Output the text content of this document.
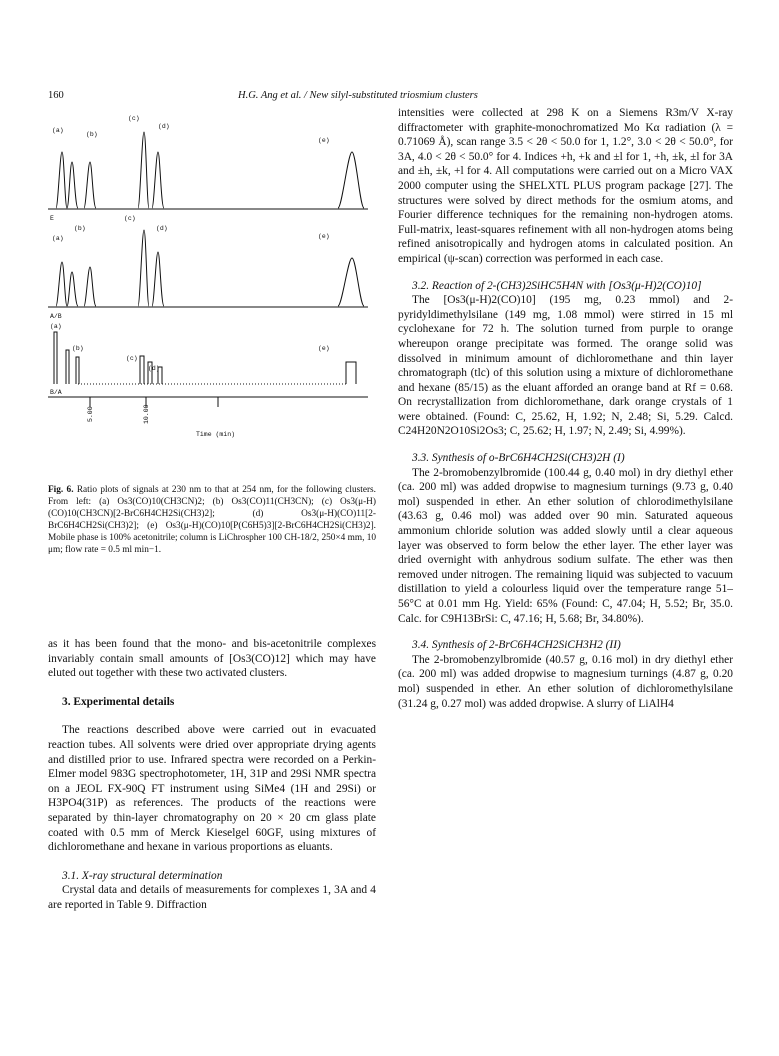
160	H.G. Ang et al. / New silyl-substituted triosmium clusters
(a)
(b)
(c)
(d)
(e)
E
(a)
(b)
(c)
(d)
(e)
A/B
(a)
(b)
(c)
(d)
(e)
B/A
5.00	10.00
Time (min)
Fig. 6. Ratio plots of signals at 230 nm to that at 254 nm, for the following clusters. From left: (a) Os3(CO)10(CH3CN)2; (b) Os3(CO)11(CH3CN); (c) Os3(μ-H)(CO)10(CH3CN)[2-BrC6H4CH2Si(CH3)2]; (d) Os3(μ-H)(CO)11[2-BrC6H4CH2Si(CH3)2]; (e) Os3(μ-H)(CO)10[P(C6H5)3][2-BrC6H4CH2Si(CH3)2]. Mobile phase is 100% acetonitrile; column is LiChrospher 100 CH-18/2, 250×4 mm, 10 μm; flow rate = 0.5 ml min−1.

as it has been found that the mono- and bis-acetonitrile complexes invariably contain small amounts of [Os3(CO)12] which may have eluted out together with these two activated clusters.

3. Experimental details

The reactions described above were carried out in evacuated reaction tubes. All solvents were dried over appropriate drying agents and distilled prior to use. Infrared spectra were recorded on a Perkin-Elmer model 983G spectrophotometer, 1H, 31P and 29Si NMR spectra on a JEOL FX-90Q FT instrument using SiMe4 (1H and 29Si) or H3PO4(31P) as references. The products of the reactions were separated by thin-layer chromatography on 20 × 20 cm glass plate coated with 0.5 mm of Merck Kieselgel 60GF, using mixtures of dichloromethane and hexane in various proportions as eluants.

3.1. X-ray structural determination

Crystal data and details of measurements for complexes 1, 3A and 4 are reported in Table 9. Diffraction

intensities were collected at 298 K on a Siemens R3m/V X-ray diffractometer with graphite-monochromatized Mo Kα radiation (λ = 0.71069 Å), scan range 3.5 < 2θ < 50.0 for 1, 1.2°, 3.0 < 2θ < 50.0°, for 3A, 4.0 < 2θ < 50.0° for 4. Indices +h, +k and ±l for 1, +h, ±k, ±l for 3A and ±h, ±k, +l for 4. All computations were carried out on a Micro VAX 2000 computer using the SHELXTL PLUS program package [27]. The structures were solved by direct methods for the osmium atoms, and Fourier difference techniques for the remaining non-hydrogen atoms. Full-matrix, least-squares refinement with all non-hydrogen atoms being refined anisotropically and hydrogen atoms in calculated position. An empirical (ψ-scan) correction was performed in each case.

3.2. Reaction of 2-(CH3)2SiHC5H4N with [Os3(μ-H)2(CO)10]

The [Os3(μ-H)2(CO)10] (195 mg, 0.23 mmol) and 2-pyridyldimethylsilane (149 mg, 1.08 mmol) were stirred in 15 ml cyclohexane for 72 h. The solution turned from purple to orange whereupon orange precipitate was formed. The orange solid was dissolved in minimum amount of dichloromethane and thin layer chromatograph (tlc) of this solution using a mixture of dichloromethane and hexane (85/15) as the eluant afforded an orange band at Rf = 0.68. On recrystallization from dichloromethane, dark orange crystals of 1 were obtained. (Found: C, 25.62, H, 1.92; N, 2.48; Si, 5.29. Calcd. C24H20N2O10Si2Os3; C, 25.62; H, 1.97; N, 2.49; Si, 4.99%).

3.3. Synthesis of o-BrC6H4CH2Si(CH3)2H (I)

The 2-bromobenzylbromide (100.44 g, 0.40 mol) in dry diethyl ether (ca. 200 ml) was added dropwise to magnesium turnings (9.73 g, 0.40 mol) suspended in ether. An ether solution of chlorodimethylsilane (43.63 g, 0.46 mol) was added over 90 min. Saturated aqueous ammonium chloride solution was added slowly until a clear aqueous layer was observed to form below the ether layer. The ether layer was dried overnight with anhydrous sodium sulfate. The ether was then removed under nitrogen. The remaining liquid was subjected to vacuum distillation to yield a colourless liquid over the temperature range 51–56°C at 0.01 mm Hg. Yield: 65% (Found: C, 47.04; H, 5.52; Br, 35.0. Calc. for C9H13BrSi: C, 47.16; H, 5.68; Br, 34.80%).

3.4. Synthesis of 2-BrC6H4CH2SiCH3H2 (II)

The 2-bromobenzylbromide (40.57 g, 0.16 mol) in dry diethyl ether (ca. 200 ml) was added dropwise to magnesium turnings (4.87 g, 0.20 mol) suspended in ether. An ether solution of dichloromethylsilane (31.24 g, 0.27 mol) was added dropwise. A slurry of LiAlH4
